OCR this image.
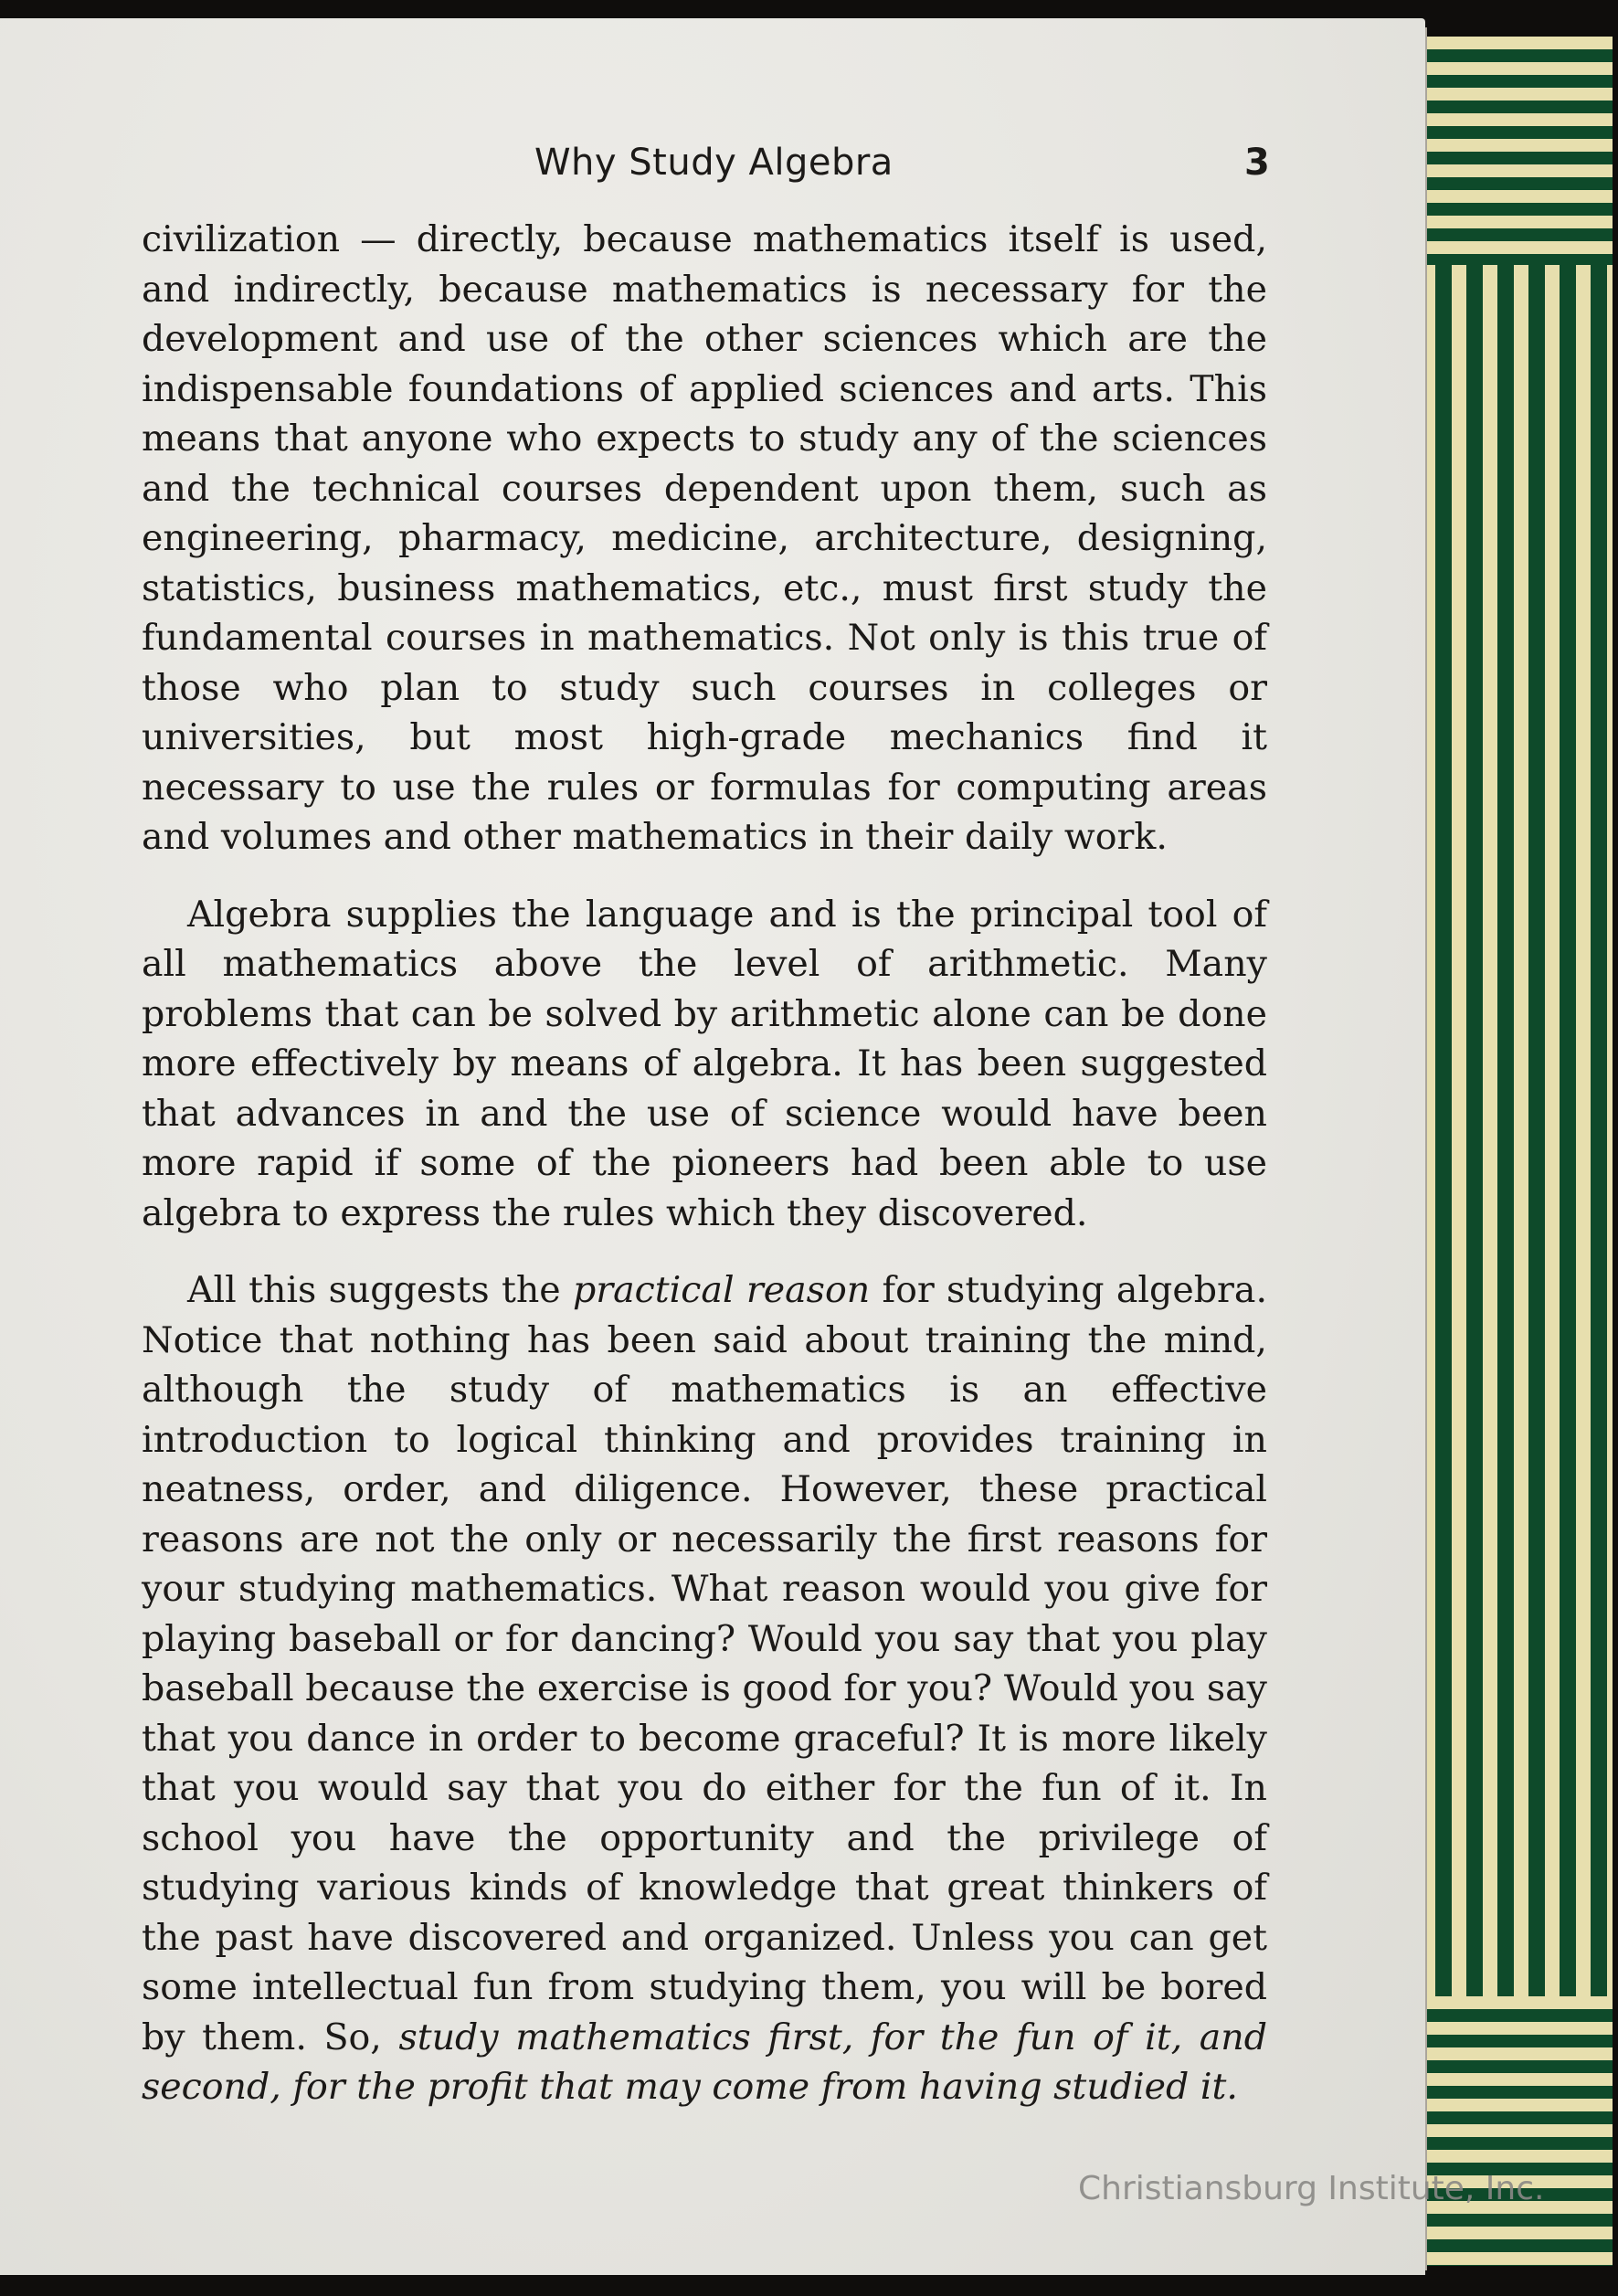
Why Study Algebra	3

civilization — directly, because mathematics itself is used, and indirectly, because mathematics is necessary for the development and use of the other sciences which are the indispensable foundations of applied sciences and arts. This means that anyone who expects to study any of the sciences and the technical courses dependent upon them, such as engineering, pharmacy, medicine, architecture, designing, statistics, business mathematics, etc., must first study the fundamental courses in mathematics. Not only is this true of those who plan to study such courses in colleges or universities, but most high-grade mechanics find it necessary to use the rules or formulas for computing areas and volumes and other mathematics in their daily work.

Algebra supplies the language and is the principal tool of all mathematics above the level of arithmetic. Many problems that can be solved by arithmetic alone can be done more effectively by means of algebra. It has been suggested that advances in and the use of science would have been more rapid if some of the pioneers had been able to use algebra to express the rules which they discovered.

All this suggests the practical reason for studying algebra. Notice that nothing has been said about training the mind, although the study of mathematics is an effective introduction to logical thinking and provides training in neatness, order, and diligence. However, these practical reasons are not the only or necessarily the first reasons for your studying mathematics. What reason would you give for playing baseball or for dancing? Would you say that you play baseball because the exercise is good for you? Would you say that you dance in order to become graceful? It is more likely that you would say that you do either for the fun of it. In school you have the opportunity and the privilege of studying various kinds of knowledge that great thinkers of the past have discovered and organized. Unless you can get some intellectual fun from studying them, you will be bored by them. So, study mathematics first, for the fun of it, and second, for the profit that may come from having studied it.

Christiansburg Institute, Inc.
